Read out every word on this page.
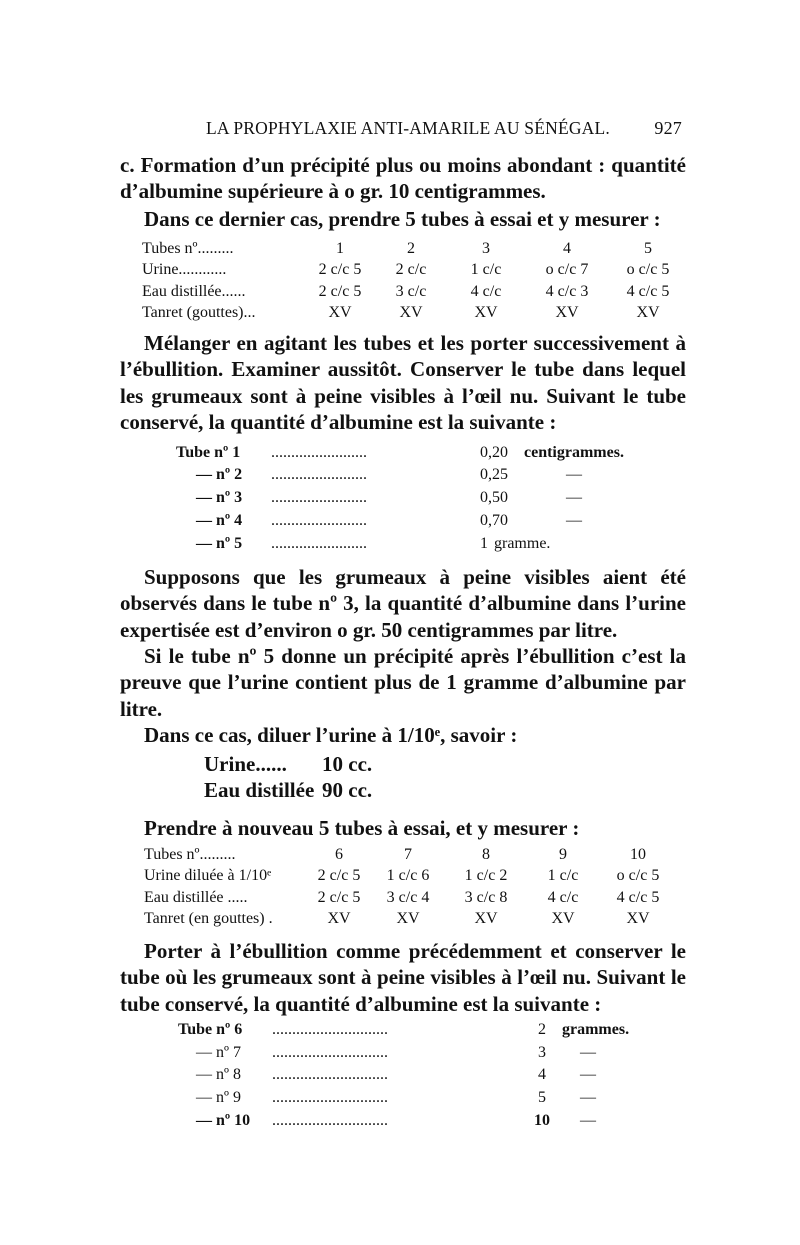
LA PROPHYLAXIE ANTI-AMARILE AU SÉNÉGAL. 927
c. Formation d’un précipité plus ou moins abondant : quantité d’albumine supérieure à o gr. 10 centigrammes.
Dans ce dernier cas, prendre 5 tubes à essai et y mesurer :
Tubes nº.........	1	2	3	4	5
Urine............	2 c/c 5	2 c/c	1 c/c	o c/c 7	o c/c 5
Eau distillée......	2 c/c 5	3 c/c	4 c/c	4 c/c 3	4 c/c 5
Tanret (gouttes)...	XV	XV	XV	XV	XV
Mélanger en agitant les tubes et les porter successivement à l’ébullition. Examiner aussitôt. Conserver le tube dans lequel les grumeaux sont à peine visibles à l’œil nu. Suivant le tube conservé, la quantité d’albumine est la suivante :
Tube nº 1 ........................	0,20 centigrammes.
— nº 2 ........................	0,25	—
— nº 3 ........................	0,50	—
— nº 4 ........................	0,70	—
— nº 5 ........................	1 gramme.
Supposons que les grumeaux à peine visibles aient été observés dans le tube nº 3, la quantité d’albumine dans l’urine expertisée est d’environ o gr. 50 centigrammes par litre.
Si le tube nº 5 donne un précipité après l’ébullition c’est la preuve que l’urine contient plus de 1 gramme d’albumine par litre.
Dans ce cas, diluer l’urine à 1/10ᵉ, savoir :
Urine...... 10 cc.
Eau distillée 90 cc.
Prendre à nouveau 5 tubes à essai, et y mesurer :
Tubes nº.........	6	7	8	9	10
Urine diluée à 1/10ᵉ	2 c/c 5	1 c/c 6	1 c/c 2	1 c/c	o c/c 5
Eau distillée .....	2 c/c 5	3 c/c 4	3 c/c 8	4 c/c	4 c/c 5
Tanret (en gouttes) .	XV	XV	XV	XV	XV
Porter à l’ébullition comme précédemment et conserver le tube où les grumeaux sont à peine visibles à l’œil nu. Suivant le tube conservé, la quantité d’albumine est la suivante :
Tube nº 6 .............................	2 grammes.
— nº 7 .............................	3 —
— nº 8 .............................	4 —
— nº 9 .............................	5 —
— nº 10 .............................	10 —
